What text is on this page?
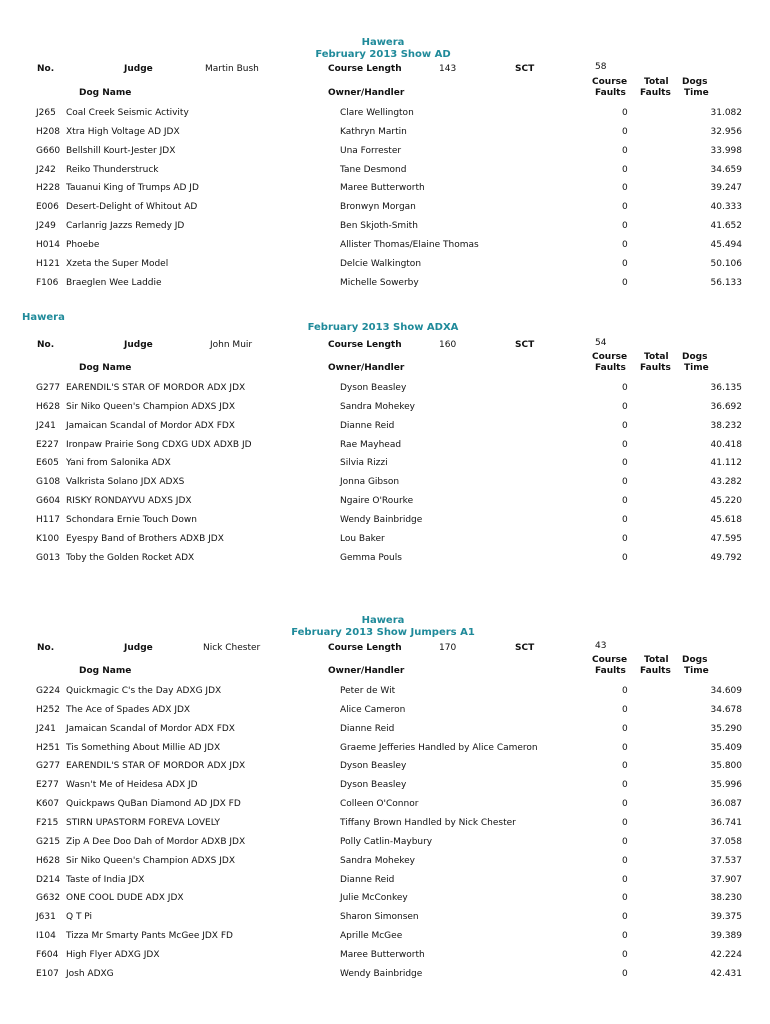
Hawera
February 2013 Show AD
No.	Judge	Martin Bush	Course Length	143	SCT	58
Course
Faults
Total
Faults
Dogs
Time
Dog Name	Owner/Handler
J265 Coal Creek Seismic Activity	Clare Wellington	0	31.082
H208 Xtra High Voltage AD JDX	Kathryn Martin	0	32.956
G660 Bellshill Kourt-Jester JDX	Una Forrester	0	33.998
J242 Reiko Thunderstruck	Tane Desmond	0	34.659
H228 Tauanui King of Trumps AD JD	Maree Butterworth	0	39.247
E006 Desert-Delight of Whitout AD	Bronwyn Morgan	0	40.333
J249 Carlanrig Jazzs Remedy JD	Ben Skjoth-Smith	0	41.652
H014 Phoebe	Allister Thomas/Elaine Thomas	0	45.494
H121 Xzeta the Super Model	Delcie Walkington	0	50.106
F106 Braeglen Wee Laddie	Michelle Sowerby	0	56.133
Hawera
February 2013 Show ADXA
No.	Judge	John Muir	Course Length	160	SCT	54
Course
Faults
Total
Faults
Dogs
Time
Dog Name	Owner/Handler
G277 EARENDIL'S STAR OF MORDOR ADX JDX	Dyson Beasley	0	36.135
H628 Sir Niko Queen's Champion ADXS JDX	Sandra Mohekey	0	36.692
J241 Jamaican Scandal of Mordor ADX FDX	Dianne Reid	0	38.232
E227 Ironpaw Prairie Song CDXG UDX ADXB JD	Rae Mayhead	0	40.418
E605 Yani from Salonika ADX	Silvia Rizzi	0	41.112
G108 Valkrista Solano JDX ADXS	Jonna Gibson	0	43.282
G604 RISKY RONDAYVU ADXS JDX	Ngaire O'Rourke	0	45.220
H117 Schondara Ernie Touch Down	Wendy Bainbridge	0	45.618
K100 Eyespy Band of Brothers ADXB JDX	Lou Baker	0	47.595
G013 Toby the Golden Rocket ADX	Gemma Pouls	0	49.792
Hawera
February 2013 Show Jumpers A1
No.	Judge	Nick Chester	Course Length	170	SCT	43
Course
Faults
Total
Faults
Dogs
Time
Dog Name	Owner/Handler
G224 Quickmagic C's the Day ADXG JDX	Peter de Wit	0	34.609
H252 The Ace of Spades ADX JDX	Alice Cameron	0	34.678
J241 Jamaican Scandal of Mordor ADX FDX	Dianne Reid	0	35.290
H251 Tis Something About Millie AD JDX	Graeme Jefferies Handled by Alice Cameron	0	35.409
G277 EARENDIL'S STAR OF MORDOR ADX JDX	Dyson Beasley	0	35.800
E277 Wasn't Me of Heidesa ADX JD	Dyson Beasley	0	35.996
K607 Quickpaws QuBan Diamond AD JDX FD	Colleen O'Connor	0	36.087
F215 STIRN UPASTORM FOREVA LOVELY	Tiffany Brown Handled by Nick Chester	0	36.741
G215 Zip A Dee Doo Dah of Mordor ADXB JDX	Polly Catlin-Maybury	0	37.058
H628 Sir Niko Queen's Champion ADXS JDX	Sandra Mohekey	0	37.537
D214 Taste of India JDX	Dianne Reid	0	37.907
G632 ONE COOL DUDE ADX JDX	Julie McConkey	0	38.230
J631 Q T Pi	Sharon Simonsen	0	39.375
I104 Tizza Mr Smarty Pants McGee JDX FD	Aprille McGee	0	39.389
F604 High Flyer ADXG JDX	Maree Butterworth	0	42.224
E107 Josh ADXG	Wendy Bainbridge	0	42.431
